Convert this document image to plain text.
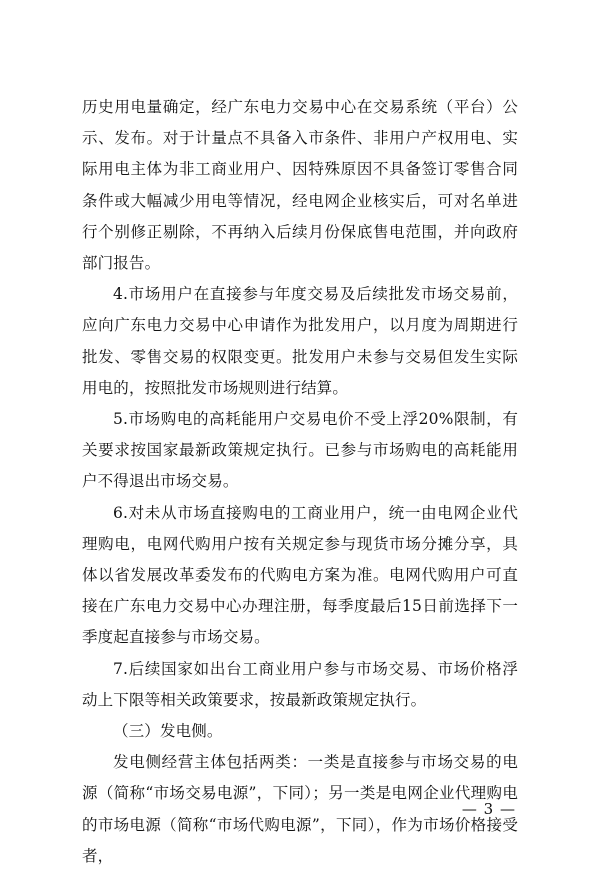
历史用电量确定，经广东电力交易中心在交易系统（平台）公示、发布。对于计量点不具备入市条件、非用户产权用电、实际用电主体为非工商业用户、因特殊原因不具备签订零售合同条件或大幅减少用电等情况，经电网企业核实后，可对名单进行个别修正剔除，不再纳入后续月份保底售电范围，并向政府部门报告。

4.市场用户在直接参与年度交易及后续批发市场交易前，应向广东电力交易中心申请作为批发用户，以月度为周期进行批发、零售交易的权限变更。批发用户未参与交易但发生实际用电的，按照批发市场规则进行结算。

5.市场购电的高耗能用户交易电价不受上浮20%限制，有关要求按国家最新政策规定执行。已参与市场购电的高耗能用户不得退出市场交易。

6.对未从市场直接购电的工商业用户，统一由电网企业代理购电，电网代购用户按有关规定参与现货市场分摊分享，具体以省发展改革委发布的代购电方案为准。电网代购用户可直接在广东电力交易中心办理注册，每季度最后15日前选择下一季度起直接参与市场交易。

7.后续国家如出台工商业用户参与市场交易、市场价格浮动上下限等相关政策要求，按最新政策规定执行。

（三）发电侧。

发电侧经营主体包括两类：一类是直接参与市场交易的电源（简称“市场交易电源”，下同）；另一类是电网企业代理购电的市场电源（简称“市场代购电源”，下同），作为市场价格接受者，

— 3 —
